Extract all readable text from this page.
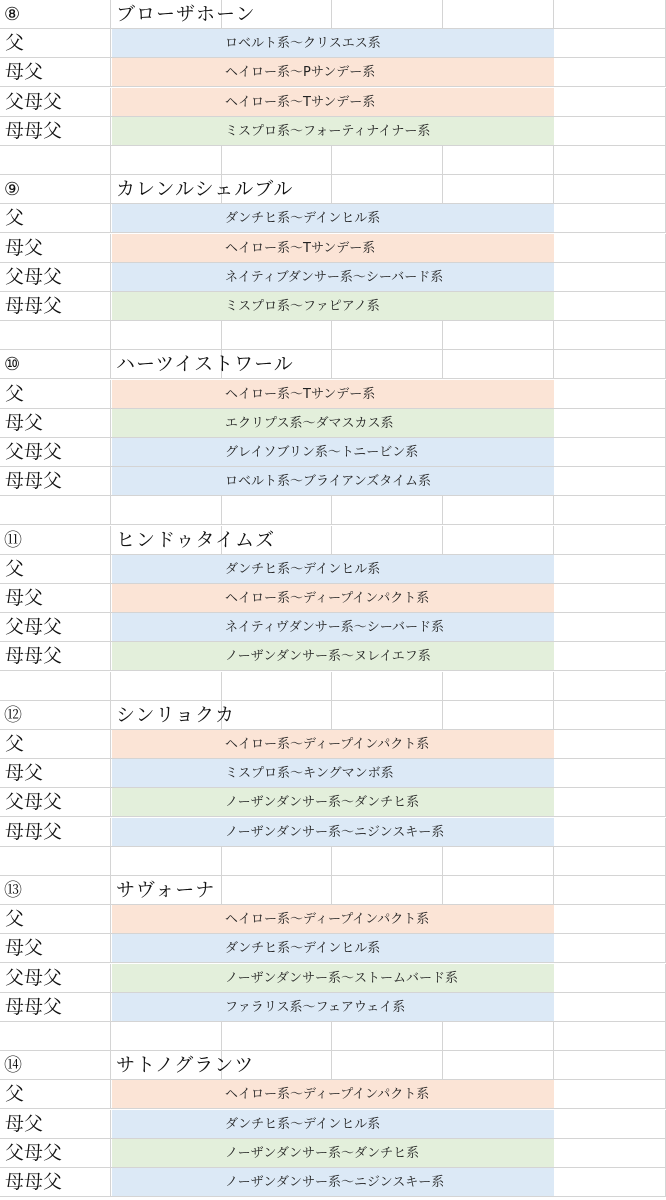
⑧	ブローザホーン
父	ロベルト系～クリスエス系
母父	ヘイロー系～Pサンデー系
父母父	ヘイロー系～Tサンデー系
母母父	ミスプロ系～フォーティナイナー系
⑨	カレンルシェルブル
父	ダンチヒ系～デインヒル系
母父	ヘイロー系～Tサンデー系
父母父	ネイティブダンサー系～シーバード系
母母父	ミスプロ系～ファピアノ系
⑩	ハーツイストワール
父	ヘイロー系～Tサンデー系
母父	エクリプス系～ダマスカス系
父母父	グレイソブリン系～トニービン系
母母父	ロベルト系～ブライアンズタイム系
⑪	ヒンドゥタイムズ
父	ダンチヒ系～デインヒル系
母父	ヘイロー系～ディープインパクト系
父母父	ネイティヴダンサー系～シーバード系
母母父	ノーザンダンサー系～ヌレイエフ系
⑫	シンリョクカ
父	ヘイロー系～ディープインパクト系
母父	ミスプロ系～キングマンボ系
父母父	ノーザンダンサー系～ダンチヒ系
母母父	ノーザンダンサー系～ニジンスキー系
⑬	サヴォーナ
父	ヘイロー系～ディープインパクト系
母父	ダンチヒ系～デインヒル系
父母父	ノーザンダンサー系～ストームバード系
母母父	ファラリス系～フェアウェイ系
⑭	サトノグランツ
父	ヘイロー系～ディープインパクト系
母父	ダンチヒ系～デインヒル系
父母父	ノーザンダンサー系～ダンチヒ系
母母父	ノーザンダンサー系～ニジンスキー系
